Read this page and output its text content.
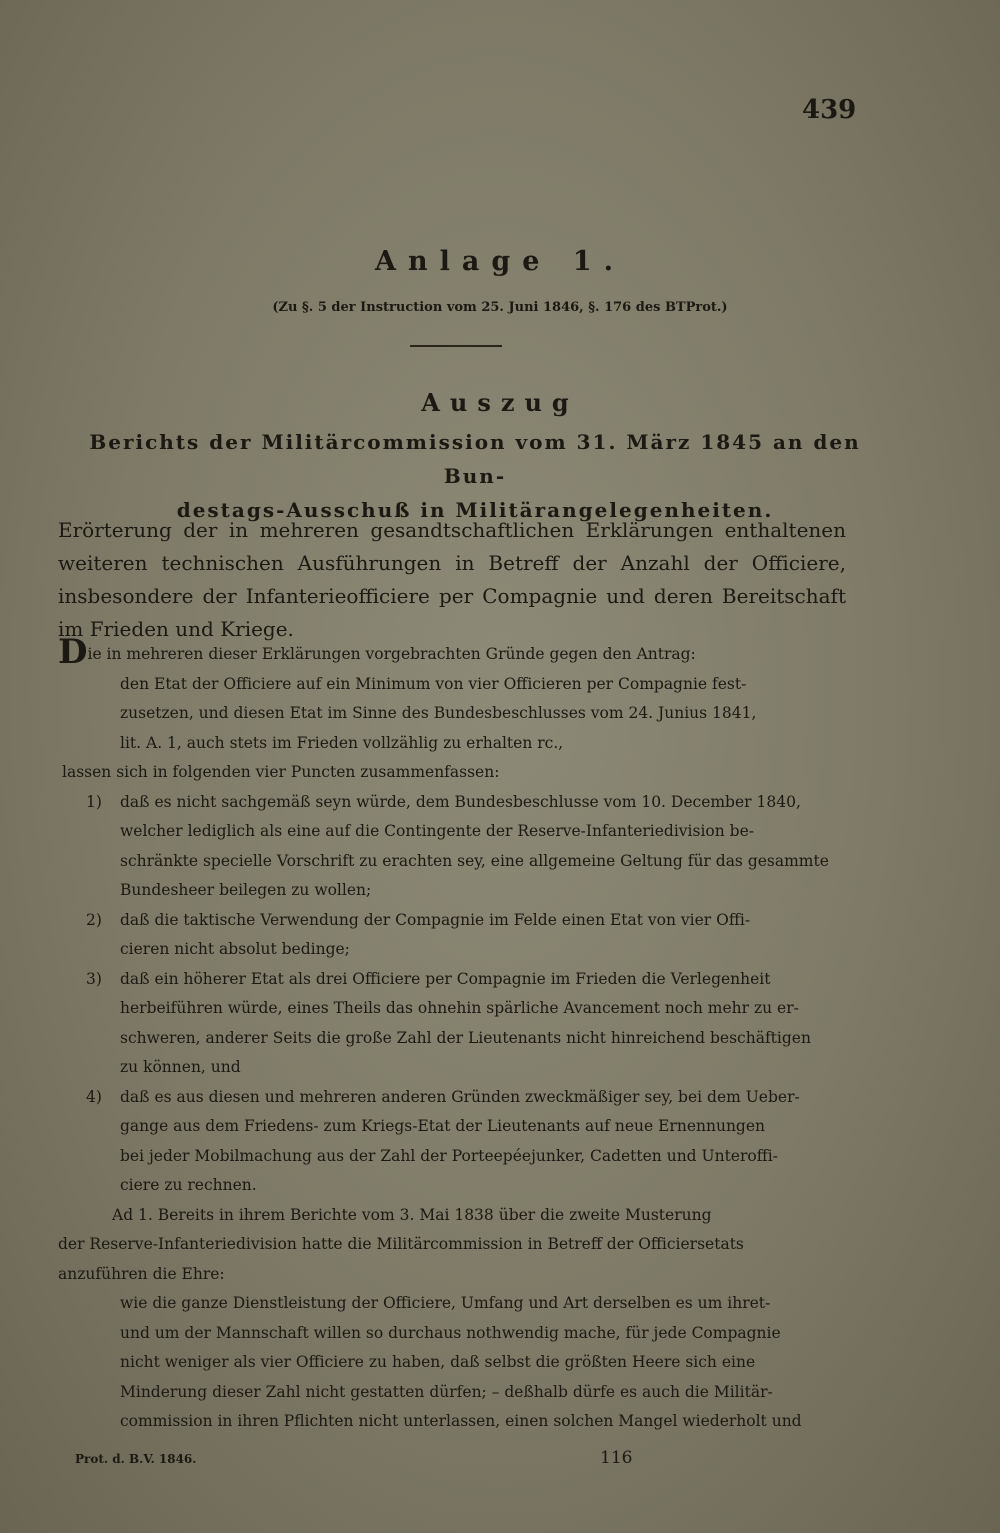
439
Anlage 1.
(Zu §. 5 der Instruction vom 25. Juni 1846, §. 176 des BTProt.)
Auszug
Berichts der Militärcommission vom 31. März 1845 an den Bun-
destags-Ausschuß in Militärangelegenheiten.
Erörterung der in mehreren gesandtschaftlichen Erklärungen enthaltenen weiteren technischen Ausführungen in Betreff der Anzahl der Officiere, insbesondere der Infanterieofficiere per Compagnie und deren Bereitschaft im Frieden und Kriege.
Die in mehreren dieser Erklärungen vorgebrachten Gründe gegen den Antrag:
den Etat der Officiere auf ein Minimum von vier Officieren per Compagnie fest-
zusetzen, und diesen Etat im Sinne des Bundesbeschlusses vom 24. Junius 1841,
lit. A. 1, auch stets im Frieden vollzählig zu erhalten rc.,
lassen sich in folgenden vier Puncten zusammenfassen:
1) daß es nicht sachgemäß seyn würde, dem Bundesbeschlusse vom 10. December 1840,
welcher lediglich als eine auf die Contingente der Reserve-Infanteriedivision be-
schränkte specielle Vorschrift zu erachten sey, eine allgemeine Geltung für das gesammte
Bundesheer beilegen zu wollen;
2) daß die taktische Verwendung der Compagnie im Felde einen Etat von vier Offi-
cieren nicht absolut bedinge;
3) daß ein höherer Etat als drei Officiere per Compagnie im Frieden die Verlegenheit
herbeiführen würde, eines Theils das ohnehin spärliche Avancement noch mehr zu er-
schweren, anderer Seits die große Zahl der Lieutenants nicht hinreichend beschäftigen
zu können, und
4) daß es aus diesen und mehreren anderen Gründen zweckmäßiger sey, bei dem Ueber-
gange aus dem Friedens- zum Kriegs-Etat der Lieutenants auf neue Ernennungen
bei jeder Mobilmachung aus der Zahl der Porteepéejunker, Cadetten und Unteroffi-
ciere zu rechnen.
Ad 1. Bereits in ihrem Berichte vom 3. Mai 1838 über die zweite Musterung
der Reserve-Infanteriedivision hatte die Militärcommission in Betreff der Officiersetats
anzuführen die Ehre:
wie die ganze Dienstleistung der Officiere, Umfang und Art derselben es um ihret-
und um der Mannschaft willen so durchaus nothwendig mache, für jede Compagnie
nicht weniger als vier Officiere zu haben, daß selbst die größten Heere sich eine
Minderung dieser Zahl nicht gestatten dürfen; – deßhalb dürfe es auch die Militär-
commission in ihren Pflichten nicht unterlassen, einen solchen Mangel wiederholt und
Prot. d. B.V. 1846.	116
